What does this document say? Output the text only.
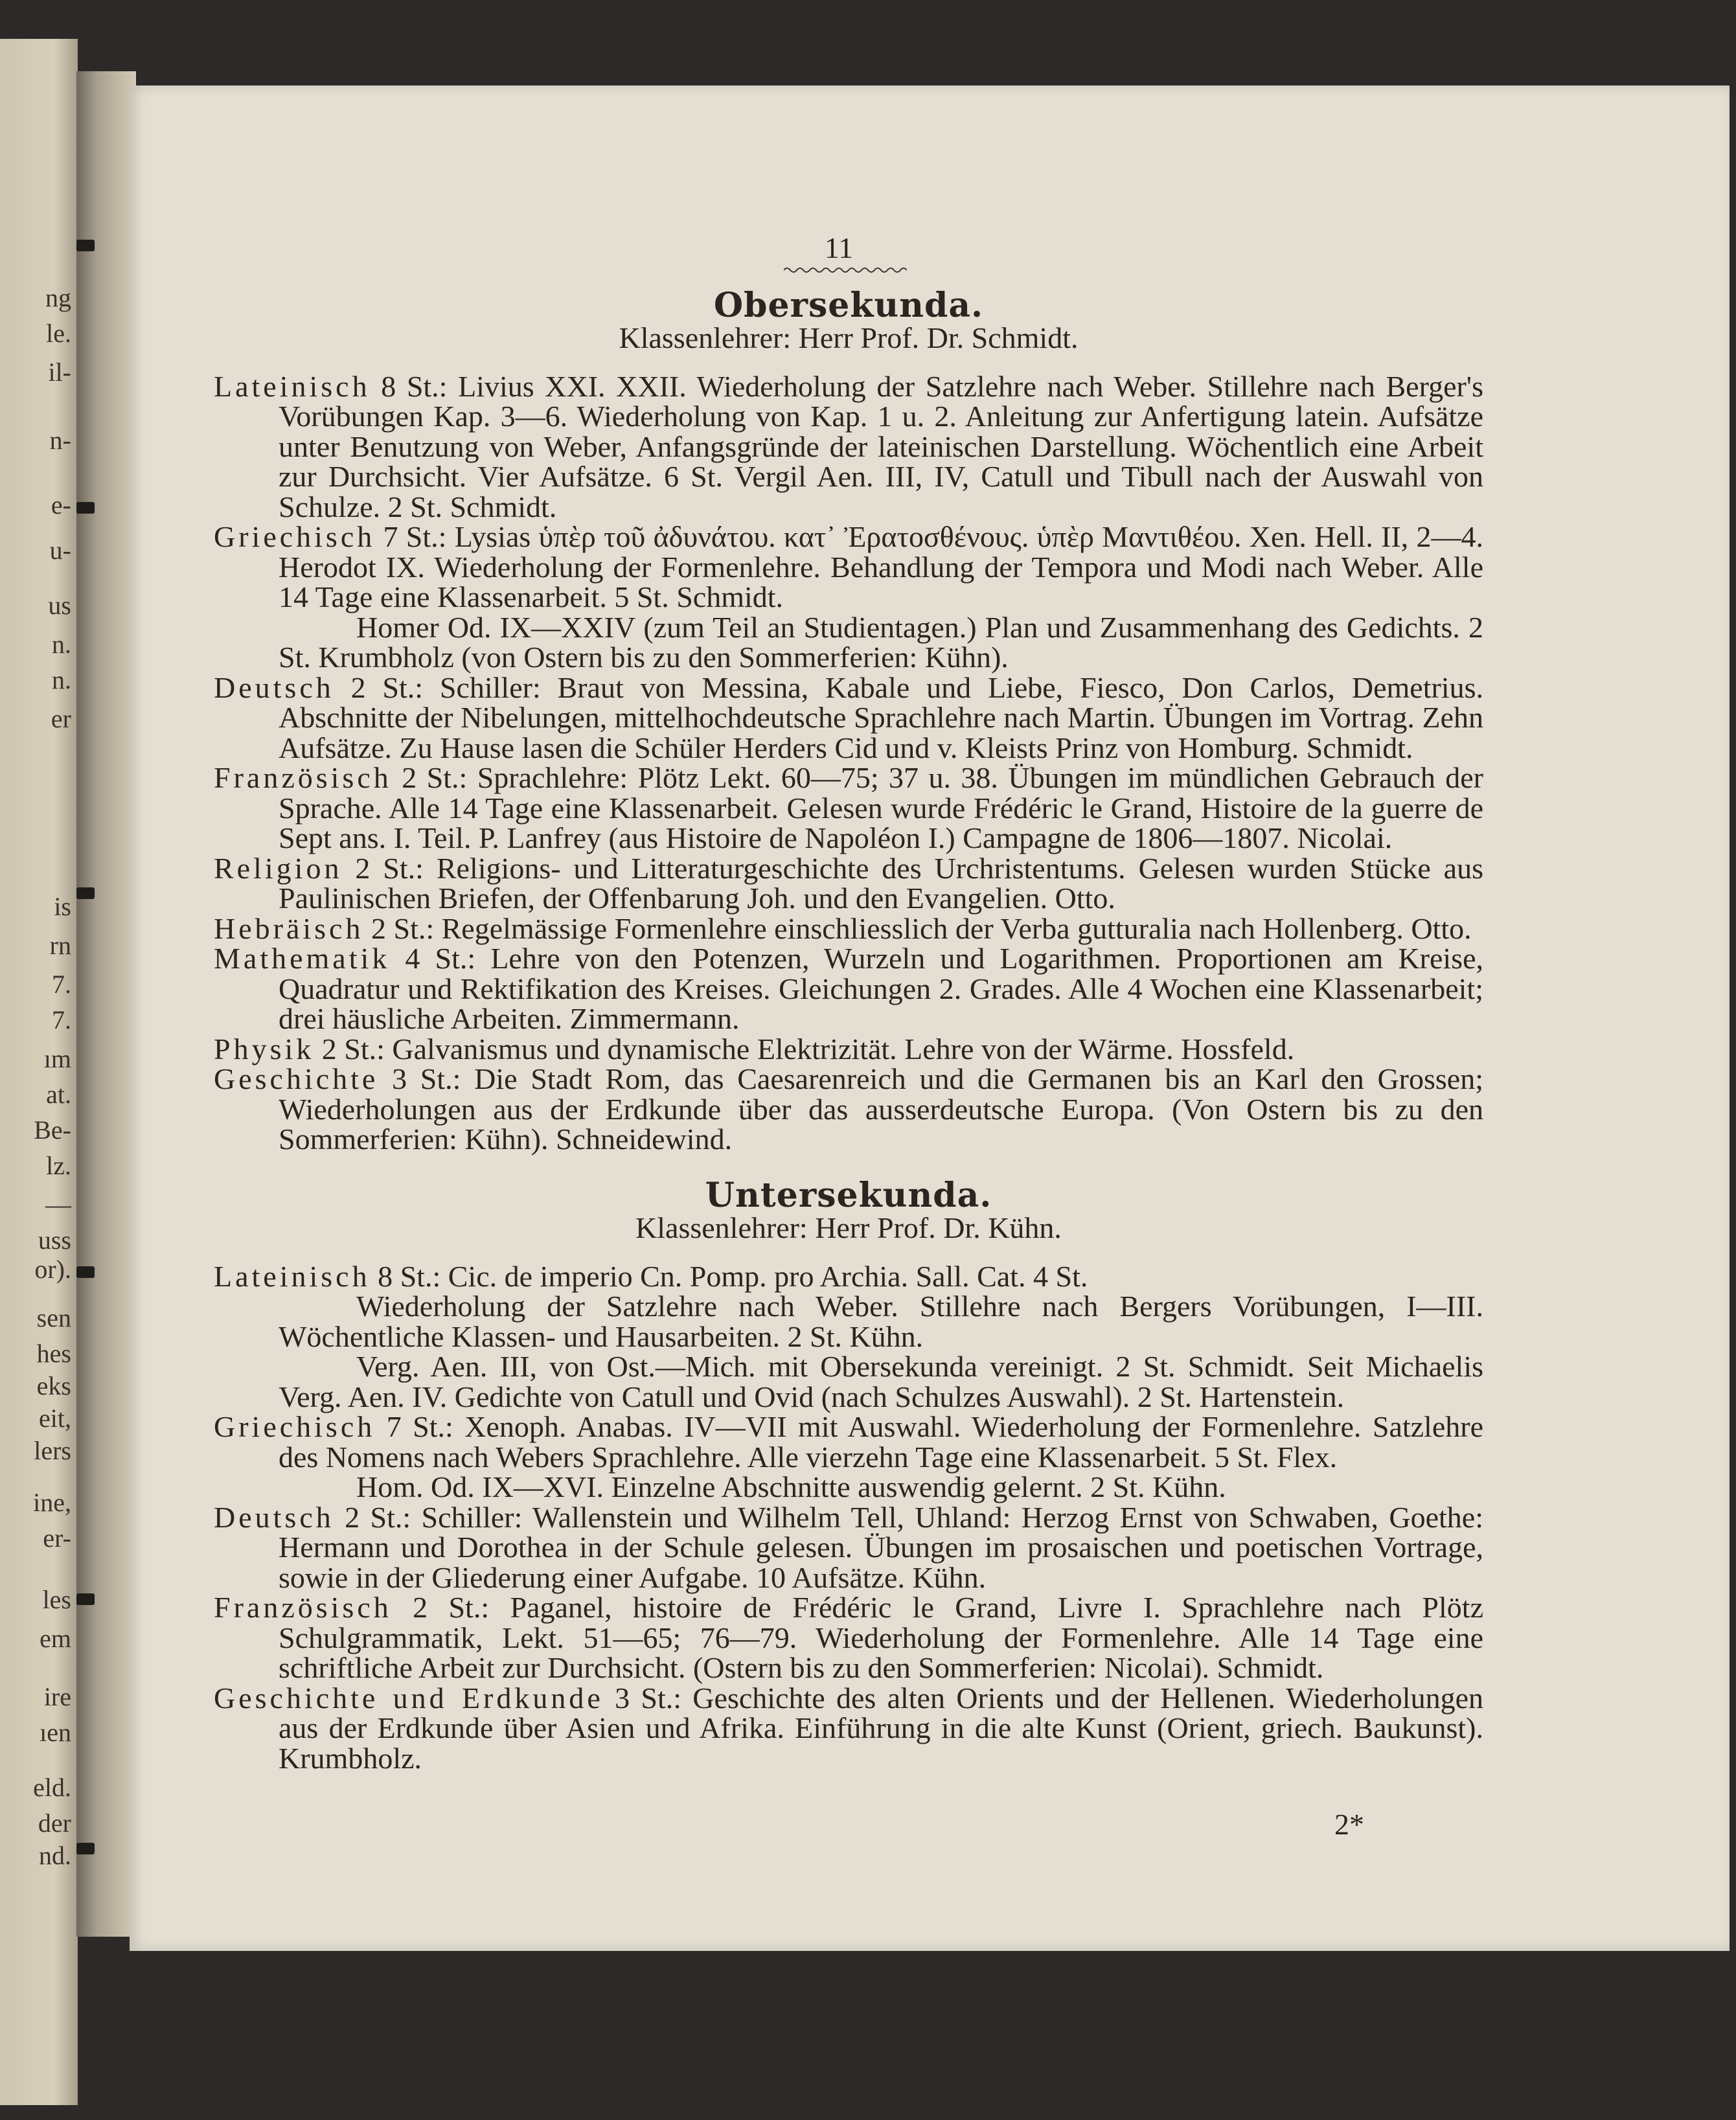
ng
le.
il-
n-
e-
u-
us
n.
n.
er
is
rn
7.
7.
ım
at.
Be-
lz.
—
uss
or).
sen
hes
eks
eit,
lers
ine,
er-
les
em
ire
ıen
eld.
der
nd.
11
Obersekunda.
Klassenlehrer: Herr Prof. Dr. Schmidt.
Lateinisch 8 St.: Livius XXI. XXII. Wiederholung der Satzlehre nach Weber. Stillehre nach Berger's Vorübungen Kap. 3—6. Wiederholung von Kap. 1 u. 2. Anleitung zur Anfertigung latein. Aufsätze unter Benutzung von Weber, Anfangsgründe der lateinischen Darstellung. Wöchentlich eine Arbeit zur Durchsicht. Vier Aufsätze. 6 St. Vergil Aen. III, IV, Catull und Tibull nach der Auswahl von Schulze. 2 St. Schmidt.
Griechisch 7 St.: Lysias ὑπὲρ τοῦ ἀδυνάτου. κατ᾽ Ἐρατοσθένους. ὑπὲρ Μαντιθέου. Xen. Hell. II, 2—4. Herodot IX. Wiederholung der Formenlehre. Behandlung der Tempora und Modi nach Weber. Alle 14 Tage eine Klassenarbeit. 5 St. Schmidt.
Homer Od. IX—XXIV (zum Teil an Studientagen.) Plan und Zusammenhang des Gedichts. 2 St. Krumbholz (von Ostern bis zu den Sommerferien: Kühn).
Deutsch 2 St.: Schiller: Braut von Messina, Kabale und Liebe, Fiesco, Don Carlos, Demetrius. Abschnitte der Nibelungen, mittelhochdeutsche Sprachlehre nach Martin. Übungen im Vortrag. Zehn Aufsätze. Zu Hause lasen die Schüler Herders Cid und v. Kleists Prinz von Homburg. Schmidt.
Französisch 2 St.: Sprachlehre: Plötz Lekt. 60—75; 37 u. 38. Übungen im mündlichen Gebrauch der Sprache. Alle 14 Tage eine Klassenarbeit. Gelesen wurde Frédéric le Grand, Histoire de la guerre de Sept ans. I. Teil. P. Lanfrey (aus Histoire de Napoléon I.) Campagne de 1806—1807. Nicolai.
Religion 2 St.: Religions- und Litteraturgeschichte des Urchristentums. Gelesen wurden Stücke aus Paulinischen Briefen, der Offenbarung Joh. und den Evangelien. Otto.
Hebräisch 2 St.: Regelmässige Formenlehre einschliesslich der Verba gutturalia nach Hollenberg. Otto.
Mathematik 4 St.: Lehre von den Potenzen, Wurzeln und Logarithmen. Proportionen am Kreise, Quadratur und Rektifikation des Kreises. Gleichungen 2. Grades. Alle 4 Wochen eine Klassenarbeit; drei häusliche Arbeiten. Zimmermann.
Physik 2 St.: Galvanismus und dynamische Elektrizität. Lehre von der Wärme. Hossfeld.
Geschichte 3 St.: Die Stadt Rom, das Caesarenreich und die Germanen bis an Karl den Grossen; Wiederholungen aus der Erdkunde über das ausserdeutsche Europa. (Von Ostern bis zu den Sommerferien: Kühn). Schneidewind.
Untersekunda.
Klassenlehrer: Herr Prof. Dr. Kühn.
Lateinisch 8 St.: Cic. de imperio Cn. Pomp. pro Archia. Sall. Cat. 4 St.
Wiederholung der Satzlehre nach Weber. Stillehre nach Bergers Vorübungen, I—III. Wöchentliche Klassen- und Hausarbeiten. 2 St. Kühn.
Verg. Aen. III, von Ost.—Mich. mit Obersekunda vereinigt. 2 St. Schmidt. Seit Michaelis Verg. Aen. IV. Gedichte von Catull und Ovid (nach Schulzes Auswahl). 2 St. Hartenstein.
Griechisch 7 St.: Xenoph. Anabas. IV—VII mit Auswahl. Wiederholung der Formenlehre. Satzlehre des Nomens nach Webers Sprachlehre. Alle vierzehn Tage eine Klassenarbeit. 5 St. Flex.
Hom. Od. IX—XVI. Einzelne Abschnitte auswendig gelernt. 2 St. Kühn.
Deutsch 2 St.: Schiller: Wallenstein und Wilhelm Tell, Uhland: Herzog Ernst von Schwaben, Goethe: Hermann und Dorothea in der Schule gelesen. Übungen im prosaischen und poetischen Vortrage, sowie in der Gliederung einer Aufgabe. 10 Aufsätze. Kühn.
Französisch 2 St.: Paganel, histoire de Frédéric le Grand, Livre I. Sprachlehre nach Plötz Schulgrammatik, Lekt. 51—65; 76—79. Wiederholung der Formenlehre. Alle 14 Tage eine schriftliche Arbeit zur Durchsicht. (Ostern bis zu den Sommerferien: Nicolai). Schmidt.
Geschichte und Erdkunde 3 St.: Geschichte des alten Orients und der Hellenen. Wiederholungen aus der Erdkunde über Asien und Afrika. Einführung in die alte Kunst (Orient, griech. Baukunst). Krumbholz.
2*
